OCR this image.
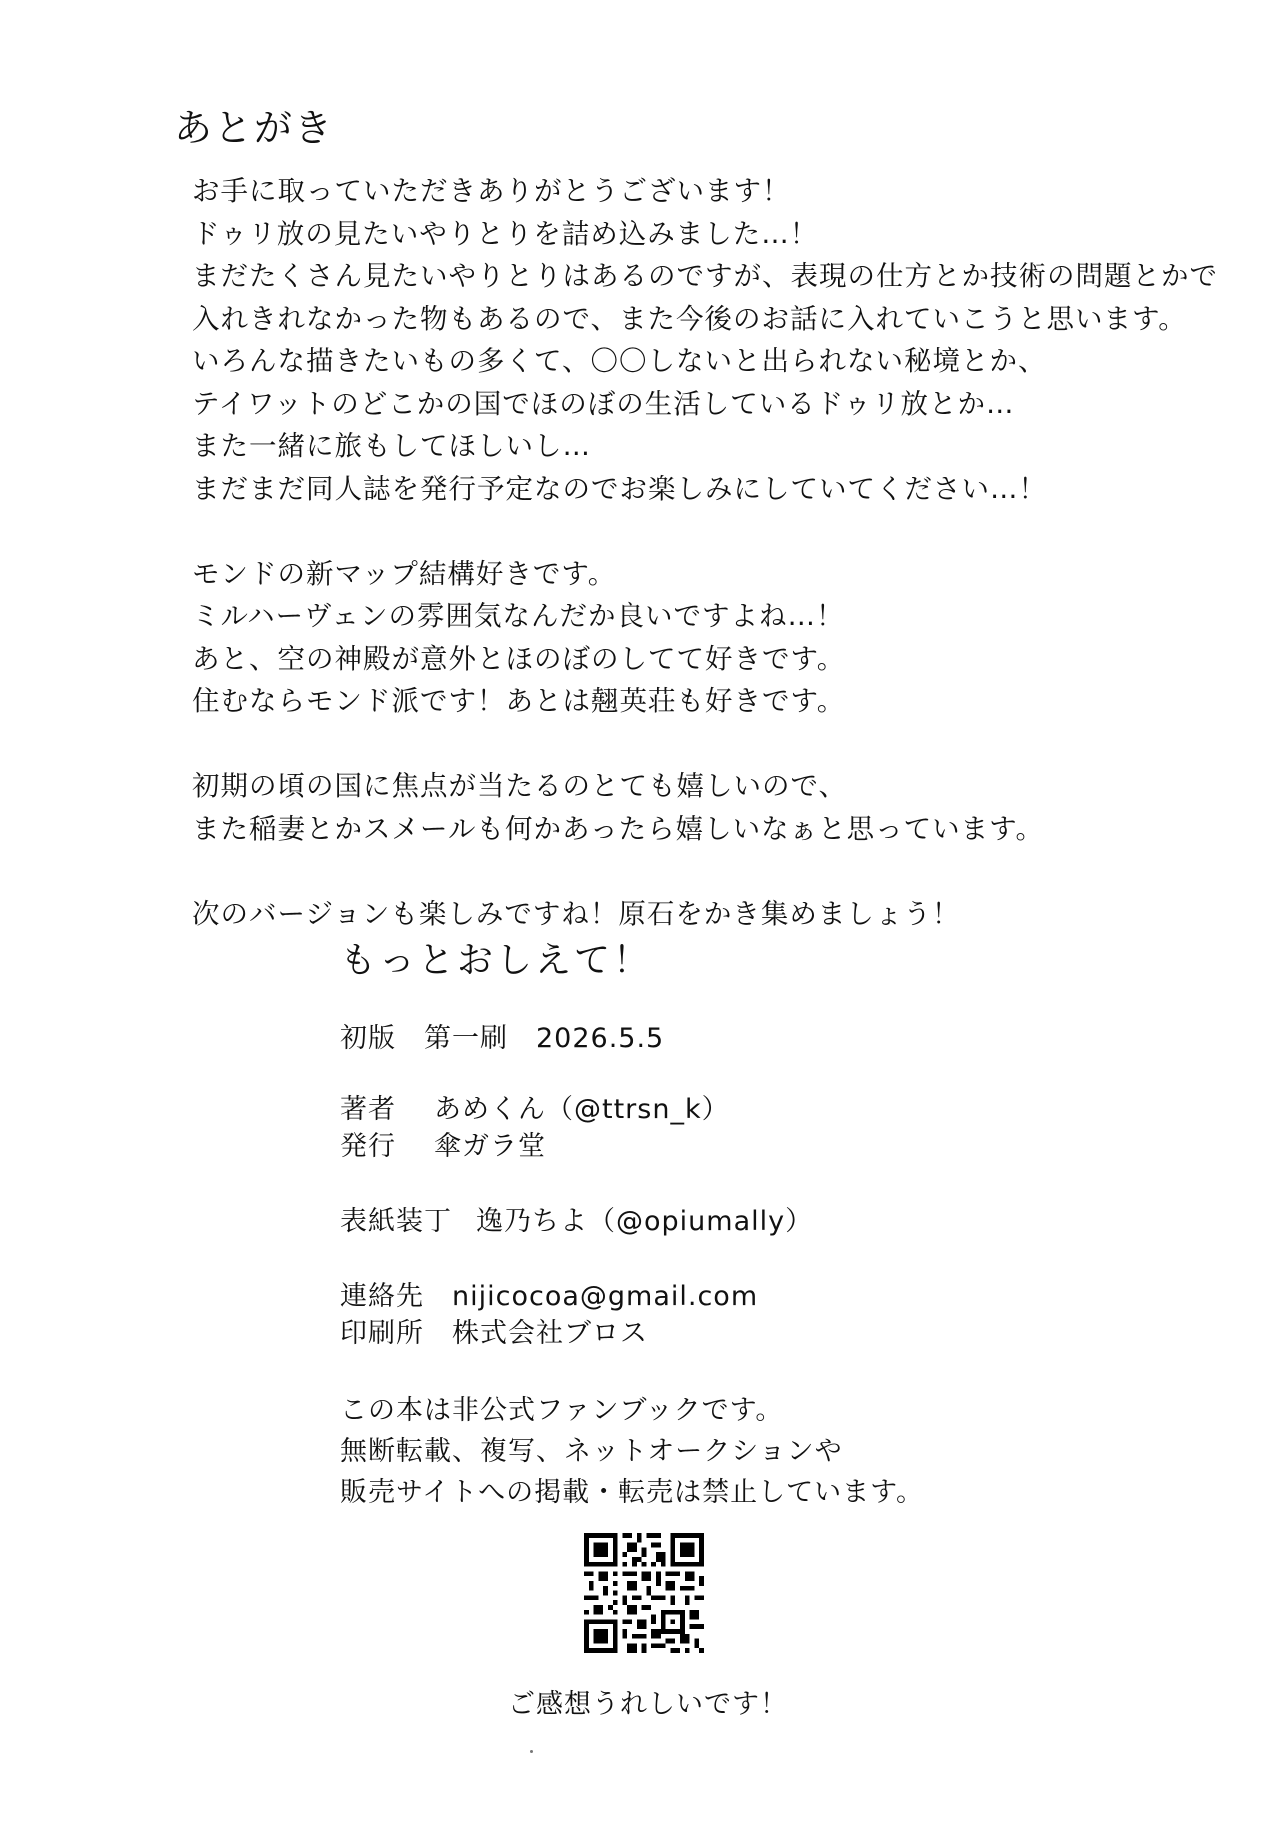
あとがき
お手に取っていただきありがとうございます！
ドゥリ放の見たいやりとりを詰め込みました…！
まだたくさん見たいやりとりはあるのですが、表現の仕方とか技術の問題とかで
入れきれなかった物もあるので、また今後のお話に入れていこうと思います。
いろんな描きたいもの多くて、〇〇しないと出られない秘境とか、
テイワットのどこかの国でほのぼの生活しているドゥリ放とか…
また一緒に旅もしてほしいし…
まだまだ同人誌を発行予定なのでお楽しみにしていてください…！
モンドの新マップ結構好きです。
ミルハーヴェンの雰囲気なんだか良いですよね…！
あと、空の神殿が意外とほのぼのしてて好きです。
住むならモンド派です！あとは翹英荘も好きです。
初期の頃の国に焦点が当たるのとても嬉しいので、
また稲妻とかスメールも何かあったら嬉しいなぁと思っています。
次のバージョンも楽しみですね！原石をかき集めましょう！
もっとおしえて！
初版　第一刷	2026.5.5
著者	あめくん（@ttrsn_k）
発行	傘ガラ堂
表紙装丁 逸乃ちよ（@opiumally）
連絡先	nijicocoa@gmail.com
印刷所	株式会社ブロス
この本は非公式ファンブックです。
無断転載、複写、ネットオークションや
販売サイトへの掲載・転売は禁止しています。
ご感想うれしいです！
